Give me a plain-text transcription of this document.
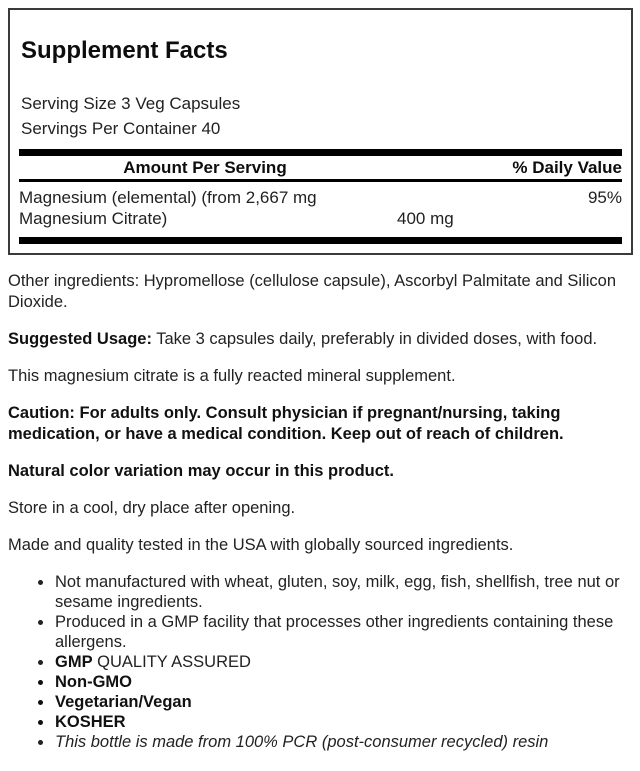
Supplement Facts
Serving Size 3 Veg Capsules
Servings Per Container 40
Amount Per Serving	% Daily Value
Magnesium (elemental) (from 2,667 mg Magnesium Citrate)	400 mg
95%

Other ingredients: Hypromellose (cellulose capsule), Ascorbyl Palmitate and Silicon Dioxide.

Suggested Usage: Take 3 capsules daily, preferably in divided doses, with food.

This magnesium citrate is a fully reacted mineral supplement.

Caution: For adults only. Consult physician if pregnant/nursing, taking medication, or have a medical condition. Keep out of reach of children.

Natural color variation may occur in this product.

Store in a cool, dry place after opening.

Made and quality tested in the USA with globally sourced ingredients.

• Not manufactured with wheat, gluten, soy, milk, egg, fish, shellfish, tree nut or sesame ingredients.
• Produced in a GMP facility that processes other ingredients containing these allergens.
• GMP QUALITY ASSURED
• Non-GMO
• Vegetarian/Vegan
• KOSHER
• This bottle is made from 100% PCR (post-consumer recycled) resin
